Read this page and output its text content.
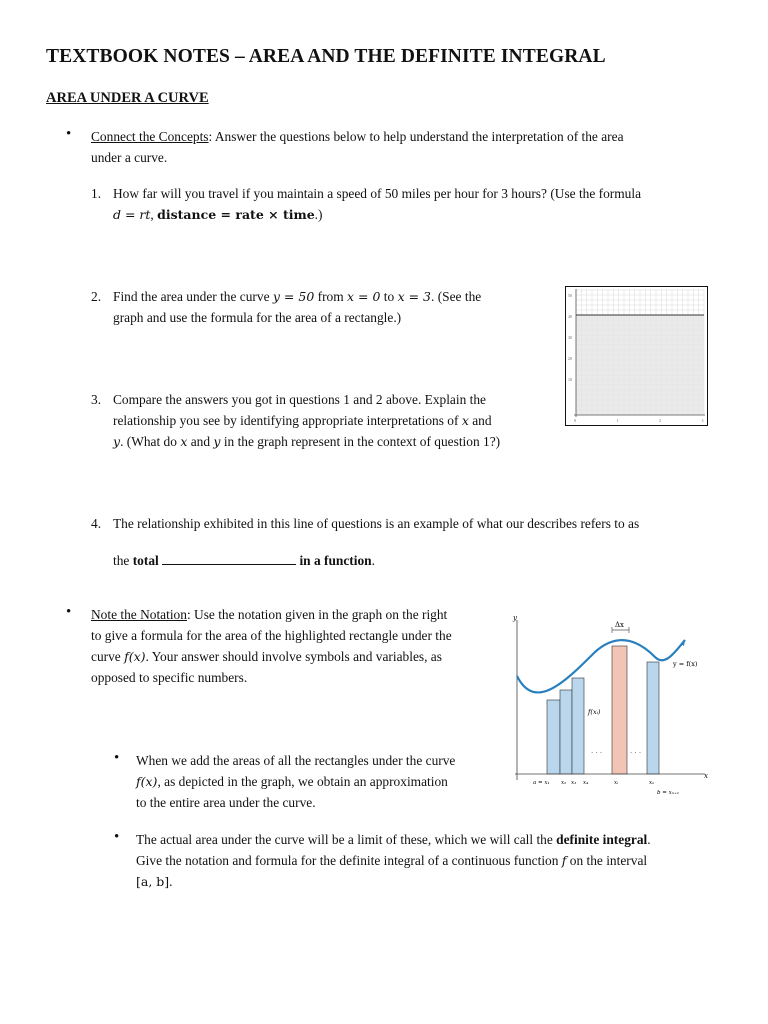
TEXTBOOK NOTES – AREA AND THE DEFINITE INTEGRAL
AREA UNDER A CURVE
• Connect the Concepts: Answer the questions below to help understand the interpretation of the area
under a curve.
1. How far will you travel if you maintain a speed of 50 miles per hour for 3 hours? (Use the formula
d = rt, distance = rate × time.)
2. Find the area under the curve y = 50 from x = 0 to x = 3. (See the
graph and use the formula for the area of a rectangle.)
50
40
30
20
10
0	1	2	3
3. Compare the answers you got in questions 1 and 2 above. Explain the
relationship you see by identifying appropriate interpretations of x and
y. (What do x and y in the graph represent in the context of question 1?)
4. The relationship exhibited in this line of questions is an example of what our describes refers to as
the total	in a function.
• Note the Notation: Use the notation given in the graph on the right
to give a formula for the area of the highlighted rectangle under the
curve f(x). Your answer should involve symbols and variables, as
opposed to specific numbers.
y
x
Δx
y = f(x)
f(xᵢ)
· · ·	· · ·
a = x₁ x₂ x₃ x₄	xᵢ	xₙ
b = xₙ₊₁
• When we add the areas of all the rectangles under the curve
f(x), as depicted in the graph, we obtain an approximation
to the entire area under the curve.
• The actual area under the curve will be a limit of these, which we will call the definite integral.
Give the notation and formula for the definite integral of a continuous function f on the interval
[a, b].
